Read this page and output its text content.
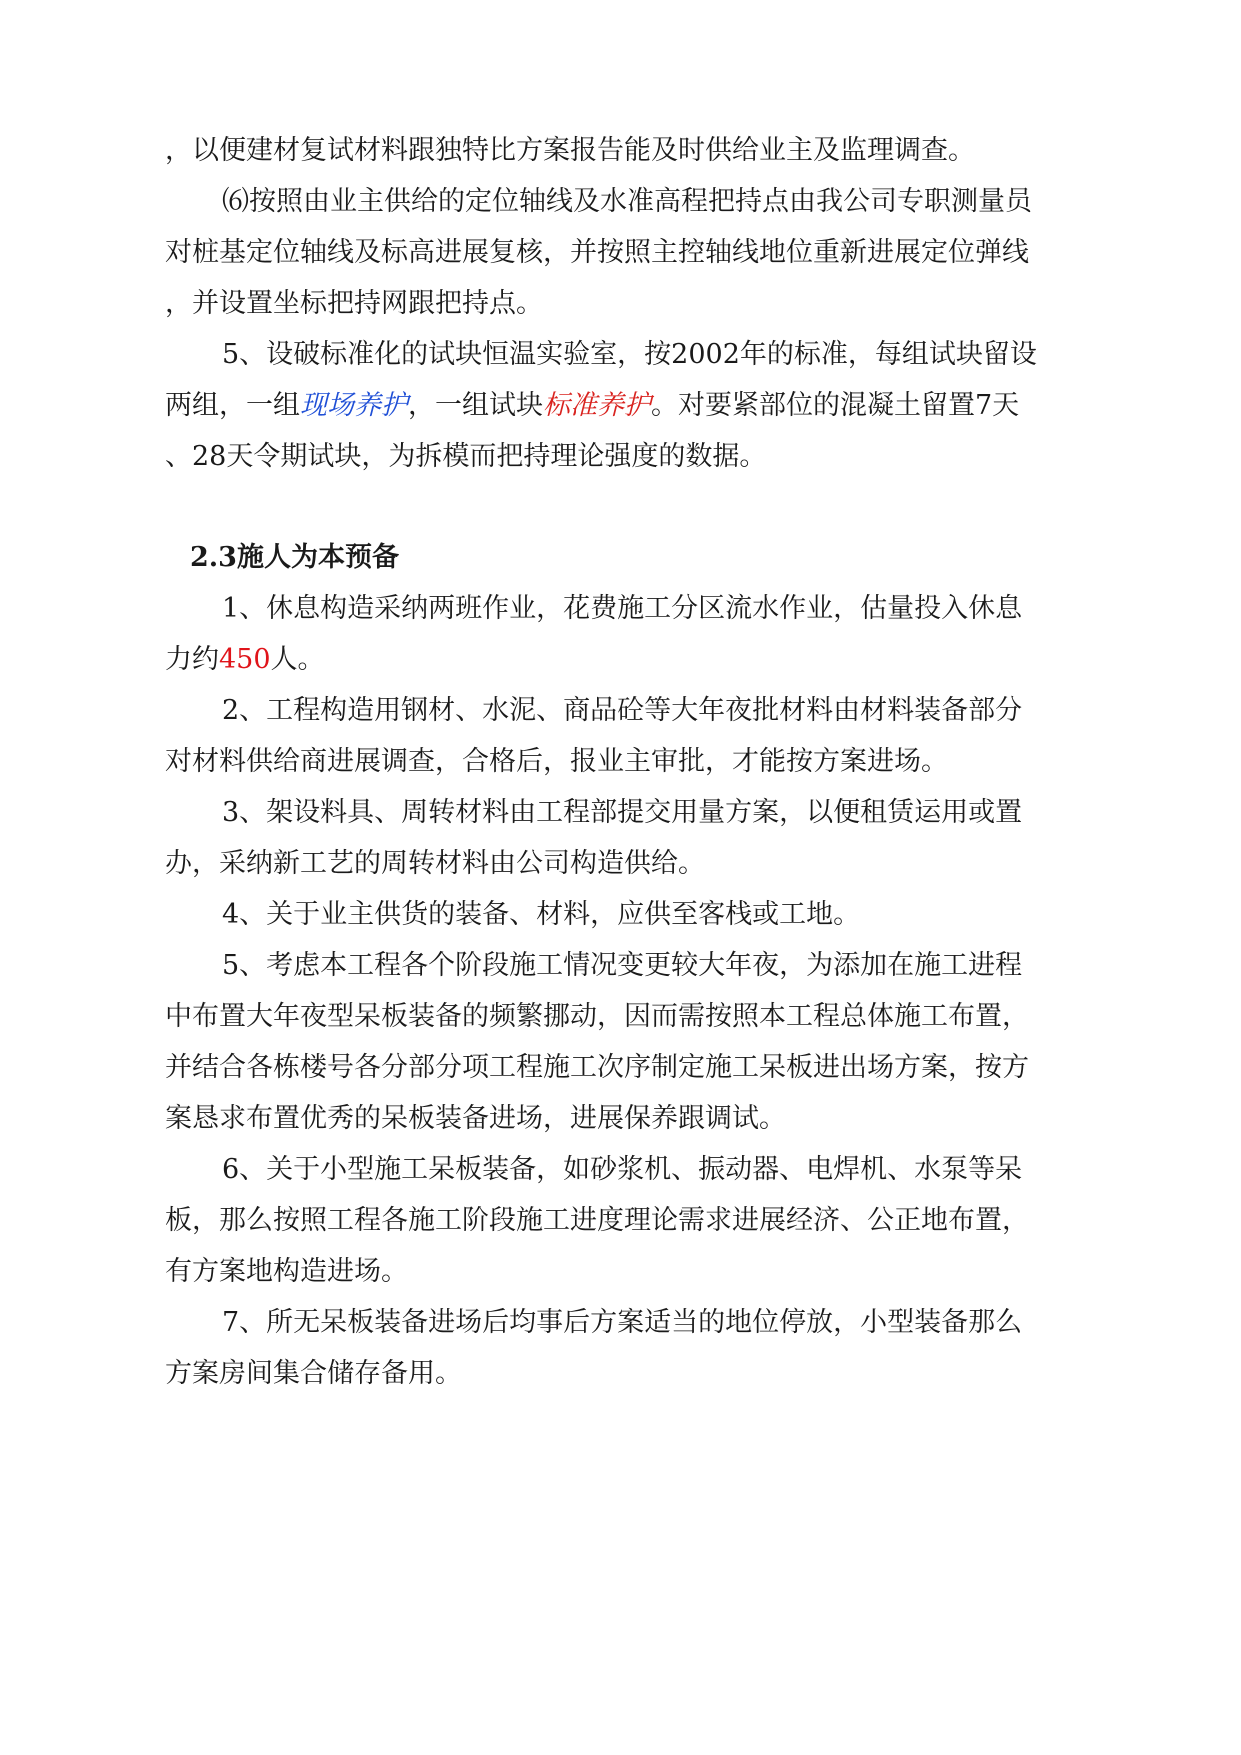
，以便建材复试材料跟独特比方案报告能及时供给业主及监理调查。
⑹按照由业主供给的定位轴线及水准高程把持点由我公司专职测量员
对桩基定位轴线及标高进展复核，并按照主控轴线地位重新进展定位弹线
，并设置坐标把持网跟把持点。
5、设破标准化的试块恒温实验室，按2002年的标准，每组试块留设
两组，一组现场养护，一组试块标准养护。对要紧部位的混凝土留置7天
、28天令期试块，为拆模而把持理论强度的数据。
2.3施人为本预备
1、休息构造采纳两班作业，花费施工分区流水作业，估量投入休息
力约450人。
2、工程构造用钢材、水泥、商品砼等大年夜批材料由材料装备部分
对材料供给商进展调查，合格后，报业主审批，才能按方案进场。
3、架设料具、周转材料由工程部提交用量方案，以便租赁运用或置
办，采纳新工艺的周转材料由公司构造供给。
4、关于业主供货的装备、材料，应供至客栈或工地。
5、考虑本工程各个阶段施工情况变更较大年夜，为添加在施工进程
中布置大年夜型呆板装备的频繁挪动，因而需按照本工程总体施工布置，
并结合各栋楼号各分部分项工程施工次序制定施工呆板进出场方案，按方
案恳求布置优秀的呆板装备进场，进展保养跟调试。
6、关于小型施工呆板装备，如砂浆机、振动器、电焊机、水泵等呆
板，那么按照工程各施工阶段施工进度理论需求进展经济、公正地布置，
有方案地构造进场。
7、所无呆板装备进场后均事后方案适当的地位停放，小型装备那么
方案房间集合储存备用。
